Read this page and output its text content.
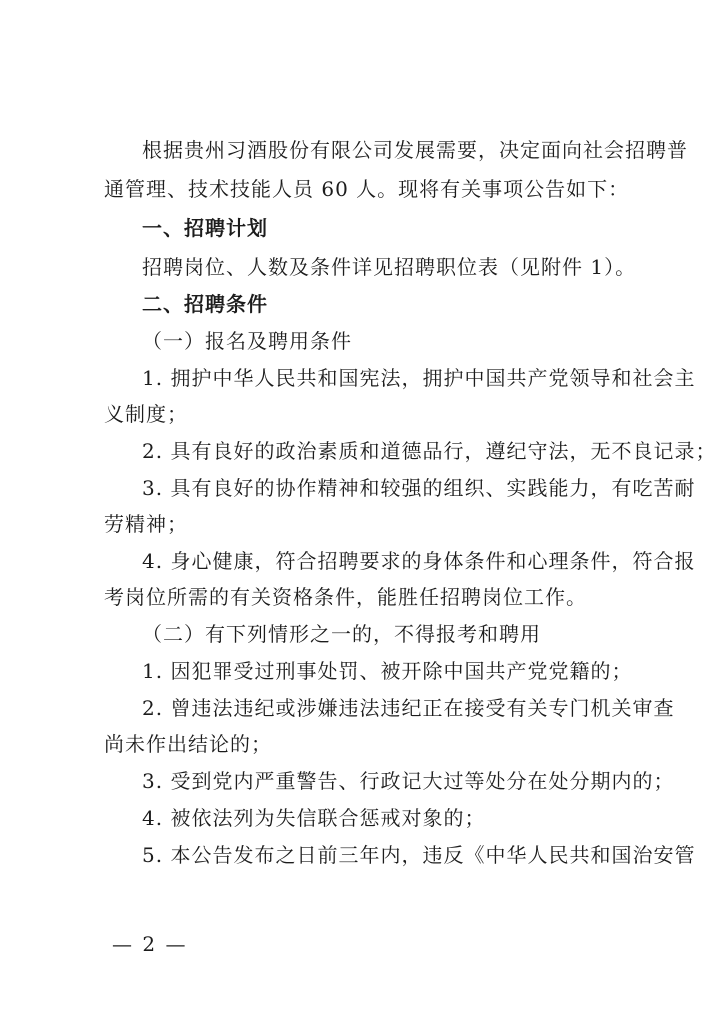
根据贵州习酒股份有限公司发展需要，决定面向社会招聘普
通管理、技术技能人员 60 人。现将有关事项公告如下：
一、招聘计划
招聘岗位、人数及条件详见招聘职位表（见附件 1）。
二、招聘条件
（一）报名及聘用条件
1. 拥护中华人民共和国宪法，拥护中国共产党领导和社会主
义制度；
2. 具有良好的政治素质和道德品行，遵纪守法，无不良记录；
3. 具有良好的协作精神和较强的组织、实践能力，有吃苦耐
劳精神；
4. 身心健康，符合招聘要求的身体条件和心理条件，符合报
考岗位所需的有关资格条件，能胜任招聘岗位工作。
（二）有下列情形之一的，不得报考和聘用
1. 因犯罪受过刑事处罚、被开除中国共产党党籍的；
2. 曾违法违纪或涉嫌违法违纪正在接受有关专门机关审查
尚未作出结论的；
3. 受到党内严重警告、行政记大过等处分在处分期内的；
4. 被依法列为失信联合惩戒对象的；
5. 本公告发布之日前三年内，违反《中华人民共和国治安管
— 2 —
